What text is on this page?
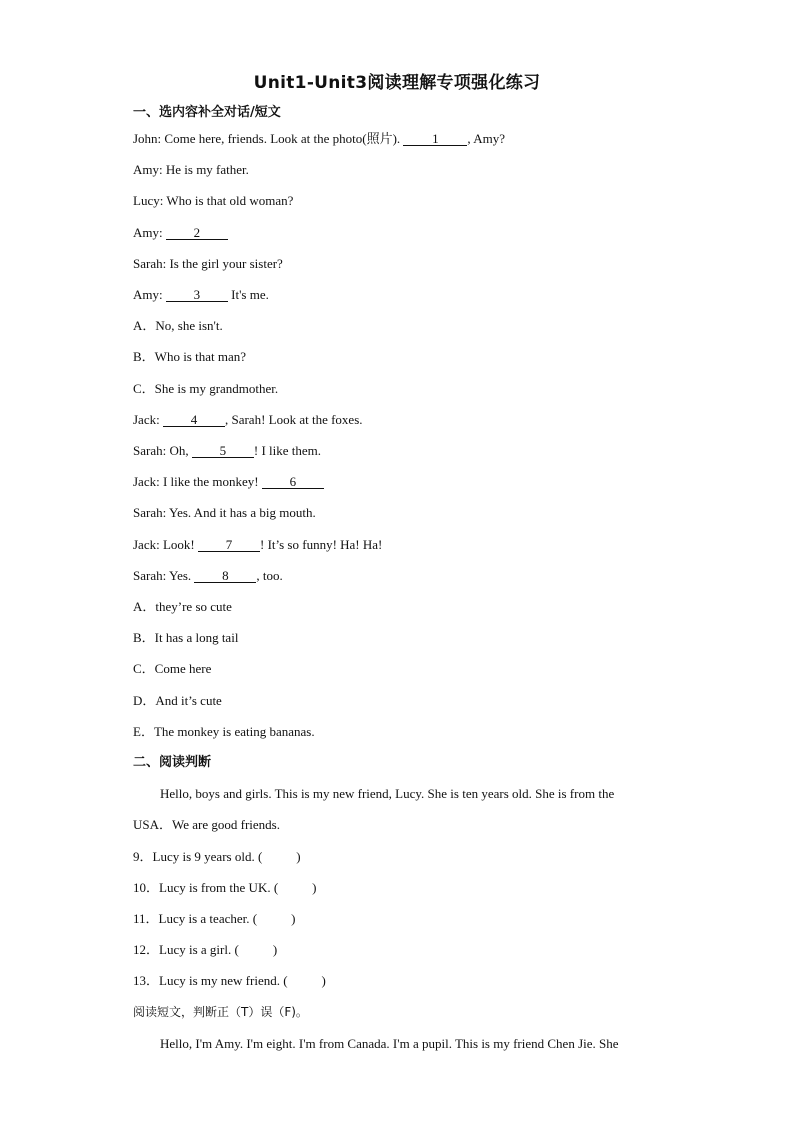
Unit1-Unit3阅读理解专项强化练习
一、选内容补全对话/短文
John: Come here, friends. Look at the photo(照片). 1 , Amy?
Amy: He is my father.
Lucy: Who is that old woman?
Amy: 2
Sarah: Is the girl your sister?
Amy: 3 It's me.
A．No, she isn't.
B．Who is that man?
C．She is my grandmother.
Jack: 4 , Sarah! Look at the foxes.
Sarah: Oh, 5 ! I like them.
Jack: I like the monkey! 6
Sarah: Yes. And it has a big mouth.
Jack: Look! 7 ! It’s so funny! Ha! Ha!
Sarah: Yes. 8 , too.
A．they’re so cute
B．It has a long tail
C．Come here
D．And it’s cute
E．The monkey is eating bananas.
二、阅读判断
Hello, boys and girls. This is my new friend, Lucy. She is ten years old. She is from the
USA．We are good friends.
9．Lucy is 9 years old. (	)
10．Lucy is from the UK. (	)
11．Lucy is a teacher. (	)
12．Lucy is a girl. (	)
13．Lucy is my new friend. (	)
阅读短文，判断正（T）误（F)。
Hello, I'm Amy. I'm eight. I'm from Canada. I'm a pupil. This is my friend Chen Jie. She
